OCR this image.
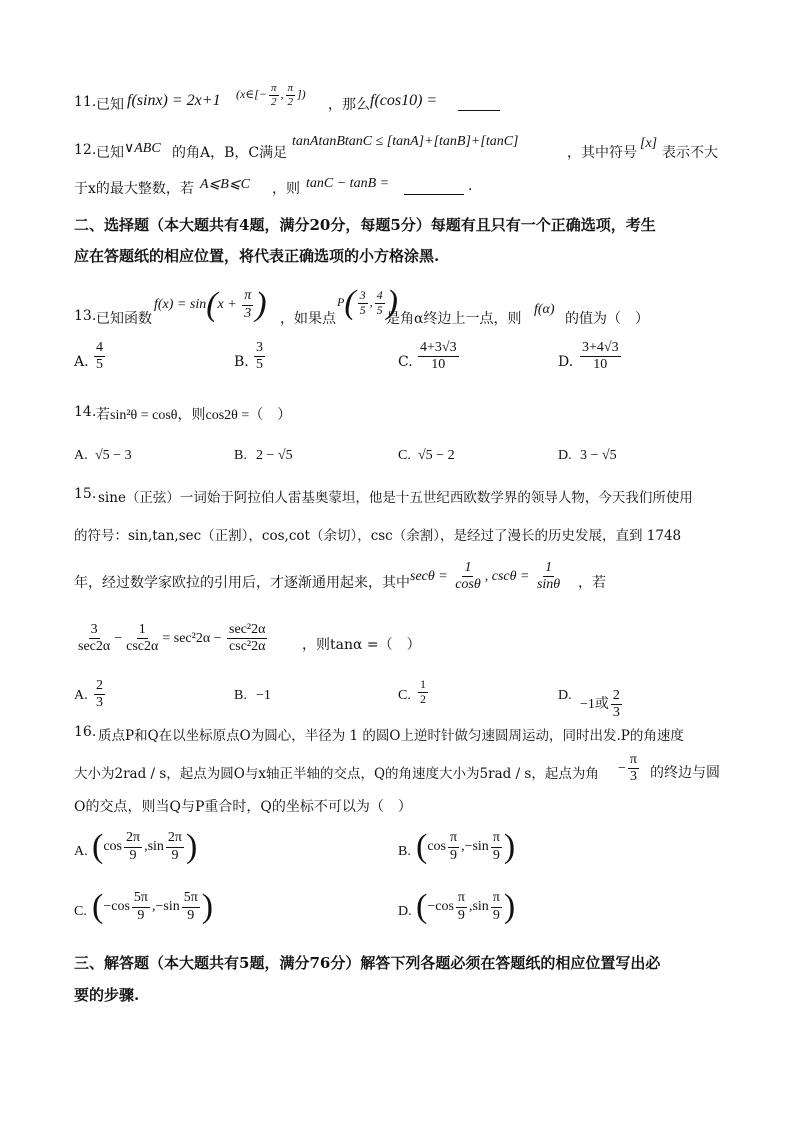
11. 已知 f(sinx) = 2x+1 (x∈[− $\frac{\pi}{2}$ , $\frac{\pi}{2}$ ])
，那么 f(cos10) =
12. 已知 ∨ABC 的角A，B，C满足
tanAtanBtanC ≤ [tanA]+[tanB]+[tanC]
，其中符号
[x]
表示不大
于x的最大整数，若 A⩽B⩽C ，则 tanC − tanB =	.
二、选择题（本大题共有4题，满分20分，每题5分）每题有且只有一个正确选项，考生
应在答题纸的相应位置，将代表正确选项的小方格涂黑.
$f(x) = \sin(x + \frac{\pi}{3}$ )	$P( \frac{3}{5}$ , $\frac{4}{5}$ )
13. 已知函数	，如果点	是角α终边上一点，则
f(α)
的值为（　）
A. $\frac{4}{5}$	B. $\frac{3}{5}$	C. $\frac{4+3√3}{10}$	D. $\frac{3+4√3}{10}$
14. 若sin²θ = cosθ，则cos2θ =（　）
A. √5 − 3	B. 2 − √5	C. √5 − 2	D. 3 − √5
15. sine（正弦）一词始于阿拉伯人雷基奥蒙坦，他是十五世纪西欧数学界的领导人物，今天我们所使用
的符号：sin,tan,sec（正割），cos,cot（余切），csc（余割），是经过了漫长的历史发展，直到 1748
年，经过数学家欧拉的引用后，才逐渐通用起来，其中 $\sec\theta = \frac{1}{\cos\theta}$ , $\csc\theta = \frac{1}{\sin\theta}$ ，若
$\frac{3}{\sec 2\alpha} - \frac{1}{\csc 2\alpha} = \sec^22\alpha - \frac{\text{sec²2α}}{\text{csc²2α}}$ ，则tanα =（　）
A. $\frac{2}{3}$	B. −1	C. $\frac{1}{2}$	D.
−1或 $\frac{2}{3}$
16. 质点P和Q在以坐标原点O为圆心，半径为 1 的圆O上逆时针做匀速圆周运动，同时出发.P的角速度
大小为2rad / s，起点为圆O与x轴正半轴的交点，Q的角速度大小为5rad / s，起点为角 − $\frac{\pi}{3}$ 的终边与圆
O的交点，则当Q与P重合时，Q的坐标不可以为（　）
A. ($\cos \frac{2\pi}{9} ,\sin \frac{2\pi}{9}$ )	B. ($\cos \frac{\pi}{9} ,-\sin \frac{\pi}{9}$ )
C. ($-\cos \frac{5\pi}{9} ,-\sin \frac{5\pi}{9}$ )	D. ($-\cos \frac{\pi}{9} ,\sin \frac{\pi}{9}$ )
三、解答题（本大题共有5题，满分76分）解答下列各题必须在答题纸的相应位置写出必
要的步骤.
